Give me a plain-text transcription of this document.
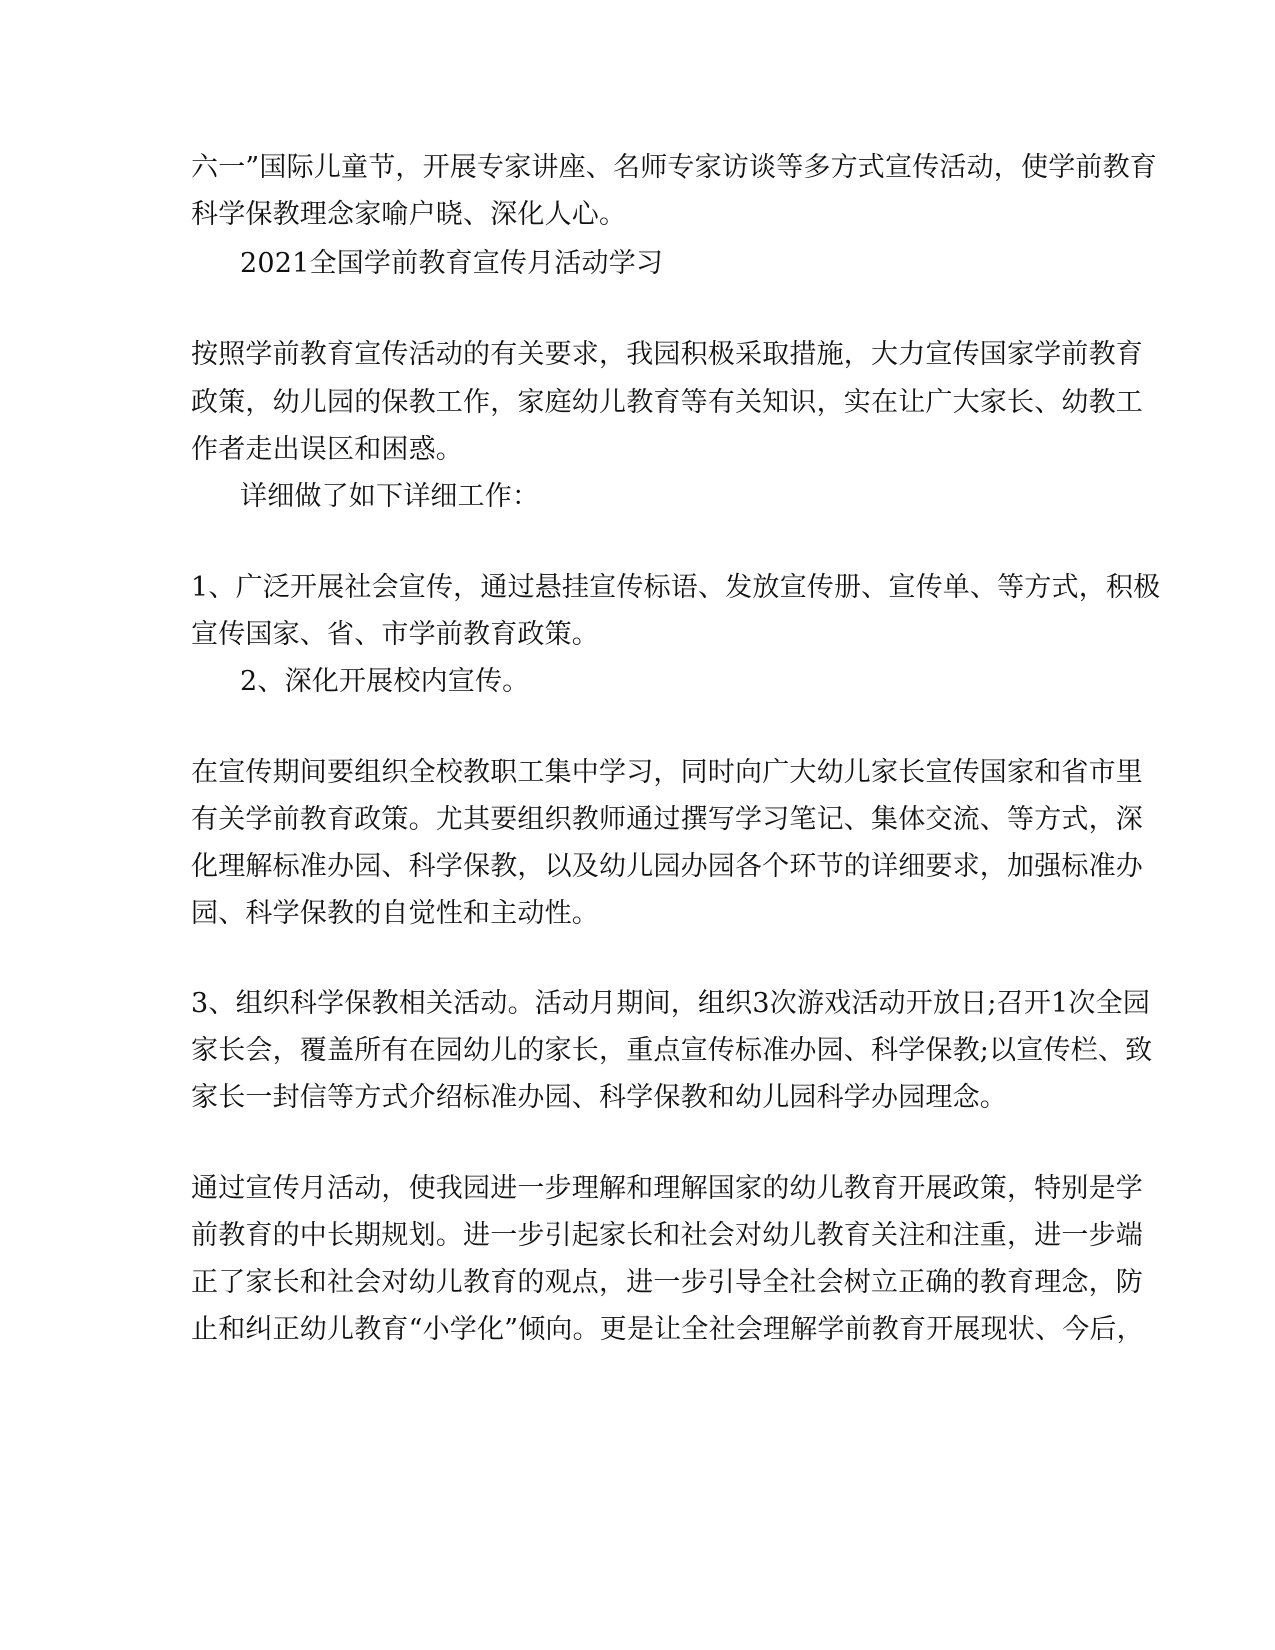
六一”国际儿童节，开展专家讲座、名师专家访谈等多方式宣传活动，使学前教育
科学保教理念家喻户晓、深化人心。
2021全国学前教育宣传月活动学习
按照学前教育宣传活动的有关要求，我园积极采取措施，大力宣传国家学前教育
政策，幼儿园的保教工作，家庭幼儿教育等有关知识，实在让广大家长、幼教工
作者走出误区和困惑。
详细做了如下详细工作：
1、广泛开展社会宣传，通过悬挂宣传标语、发放宣传册、宣传单、等方式，积极
宣传国家、省、市学前教育政策。
2、深化开展校内宣传。
在宣传期间要组织全校教职工集中学习，同时向广大幼儿家长宣传国家和省市里
有关学前教育政策。尤其要组织教师通过撰写学习笔记、集体交流、等方式，深
化理解标准办园、科学保教，以及幼儿园办园各个环节的详细要求，加强标准办
园、科学保教的自觉性和主动性。
3、组织科学保教相关活动。活动月期间，组织3次游戏活动开放日;召开1次全园
家长会，覆盖所有在园幼儿的家长，重点宣传标准办园、科学保教;以宣传栏、致
家长一封信等方式介绍标准办园、科学保教和幼儿园科学办园理念。
通过宣传月活动，使我园进一步理解和理解国家的幼儿教育开展政策，特别是学
前教育的中长期规划。进一步引起家长和社会对幼儿教育关注和注重，进一步端
正了家长和社会对幼儿教育的观点，进一步引导全社会树立正确的教育理念，防
止和纠正幼儿教育“小学化”倾向。更是让全社会理解学前教育开展现状、今后，
